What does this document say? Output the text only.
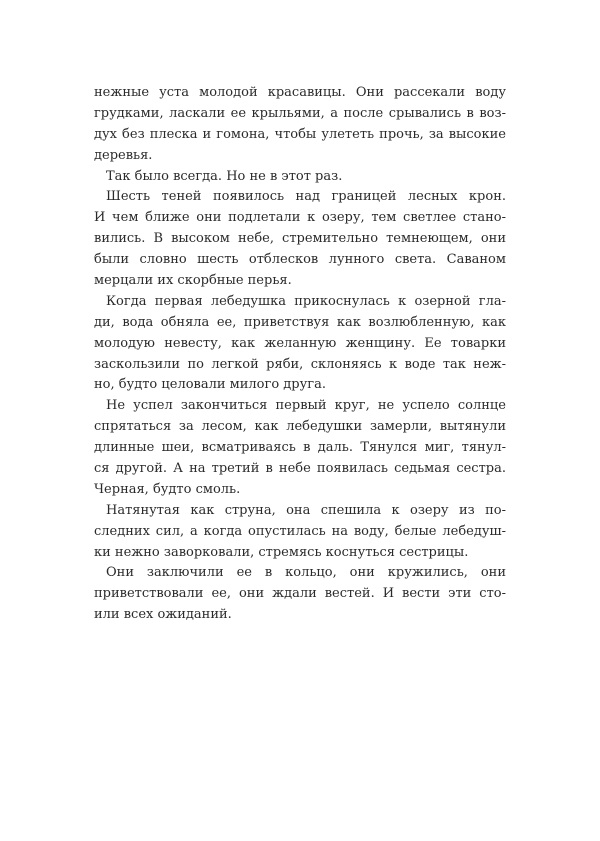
нежные уста молодой красавицы. Они рассекали воду
грудками, ласкали ее крыльями, а после срывались в воз-
дух без плеска и гомона, чтобы улететь прочь, за высокие
деревья.
Так было всегда. Но не в этот раз.
Шесть теней появилось над границей лесных крон.
И чем ближе они подлетали к озеру, тем светлее стано-
вились. В высоком небе, стремительно темнеющем, они
были словно шесть отблесков лунного света. Саваном
мерцали их скорбные перья.
Когда первая лебедушка прикоснулась к озерной гла-
ди, вода обняла ее, приветствуя как возлюбленную, как
молодую невесту, как желанную женщину. Ее товарки
заскользили по легкой ряби, склоняясь к воде так неж-
но, будто целовали милого друга.
Не успел закончиться первый круг, не успело солнце
спрятаться за лесом, как лебедушки замерли, вытянули
длинные шеи, всматриваясь в даль. Тянулся миг, тянул-
ся другой. А на третий в небе появилась седьмая сестра.
Черная, будто смоль.
Натянутая как струна, она спешила к озеру из по-
следних сил, а когда опустилась на воду, белые лебедуш-
ки нежно заворковали, стремясь коснуться сестрицы.
Они заключили ее в кольцо, они кружились, они
приветствовали ее, они ждали вестей. И вести эти сто-
или всех ожиданий.
